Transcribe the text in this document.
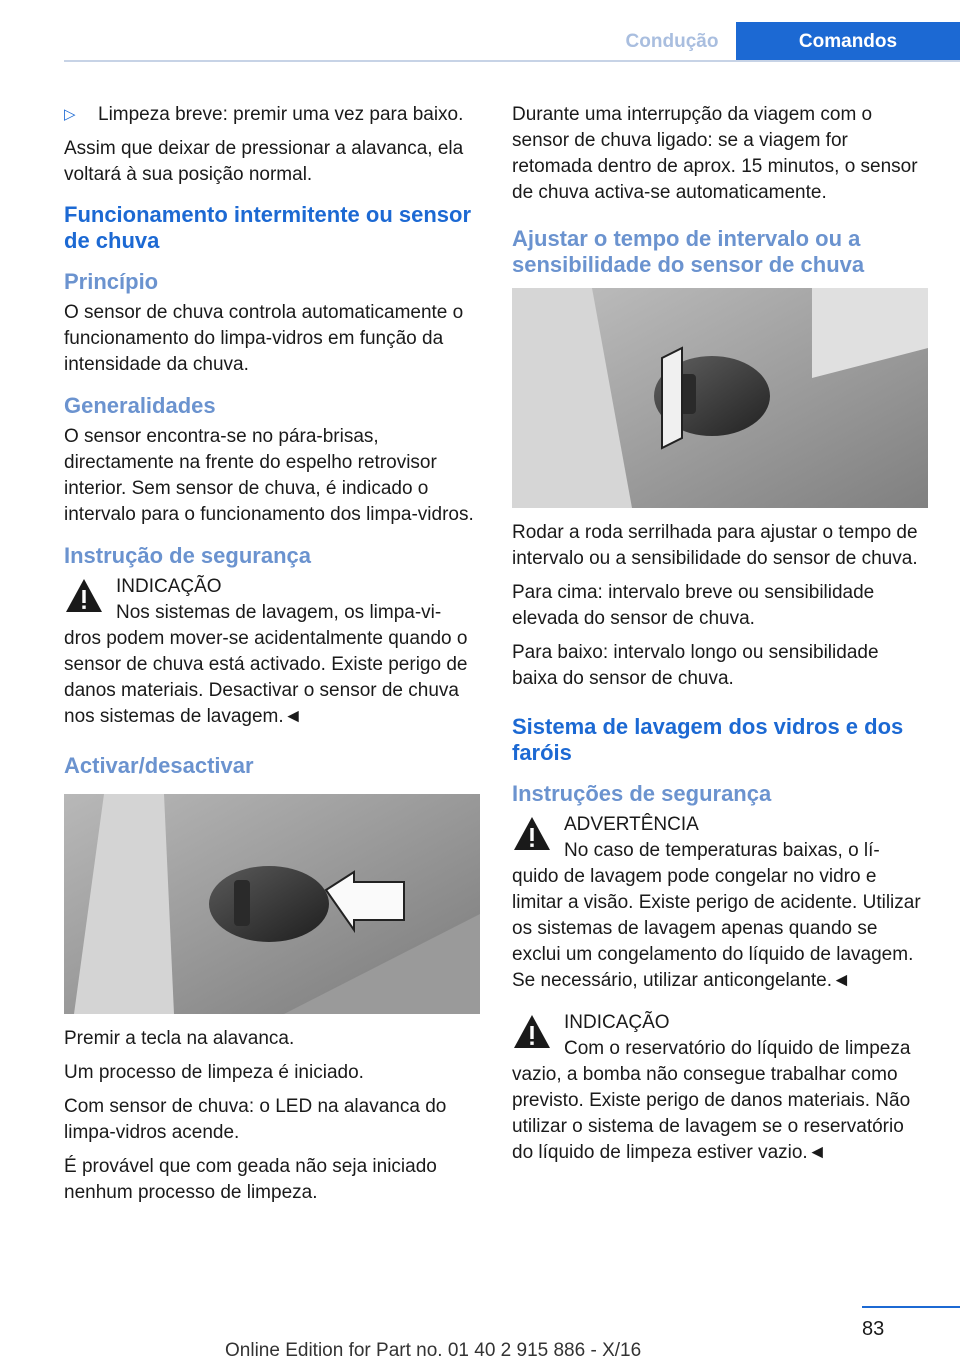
Condução	Comandos
▷	Limpeza breve: premir uma vez para baixo.

Assim que deixar de pressionar a alavanca, ela voltará à sua posição normal.

Funcionamento intermitente ou sensor de chuva
Princípio

O sensor de chuva controla automaticamente o funcionamento do limpa-vidros em função da intensidade da chuva.

Generalidades

O sensor encontra-se no pára-brisas, directamente na frente do espelho retrovisor interior. Sem sensor de chuva, é indicado o intervalo para o funcionamento dos limpa-vidros.

Instrução de segurança

INDICAÇÃO

Nos sistemas de lavagem, os limpa-vi-

dros podem mover-se acidentalmente quando o sensor de chuva está activado. Existe perigo de danos materiais. Desactivar o sensor de chuva nos sistemas de lavagem.◄

Activar/desactivar

Premir a tecla na alavanca.

Um processo de limpeza é iniciado.

Com sensor de chuva: o LED na alavanca do limpa-vidros acende.

É provável que com geada não seja iniciado nenhum processo de limpeza.

Durante uma interrupção da viagem com o sensor de chuva ligado: se a viagem for retomada dentro de aprox. 15 minutos, o sensor de chuva activa-se automaticamente.

Ajustar o tempo de intervalo ou a sensibilidade do sensor de chuva

Rodar a roda serrilhada para ajustar o tempo de intervalo ou a sensibilidade do sensor de chuva.

Para cima: intervalo breve ou sensibilidade elevada do sensor de chuva.

Para baixo: intervalo longo ou sensibilidade baixa do sensor de chuva.

Sistema de lavagem dos vidros e dos faróis
Instruções de segurança

ADVERTÊNCIA

No caso de temperaturas baixas, o lí-

quido de lavagem pode congelar no vidro e limitar a visão. Existe perigo de acidente. Utilizar os sistemas de lavagem apenas quando se exclui um congelamento do líquido de lavagem. Se necessário, utilizar anticongelante.◄

INDICAÇÃO

Com o reservatório do líquido de limpeza

vazio, a bomba não consegue trabalhar como previsto. Existe perigo de danos materiais. Não utilizar o sistema de lavagem se o reservatório do líquido de limpeza estiver vazio.◄

83
Online Edition for Part no. 01 40 2 915 886 - X/16
